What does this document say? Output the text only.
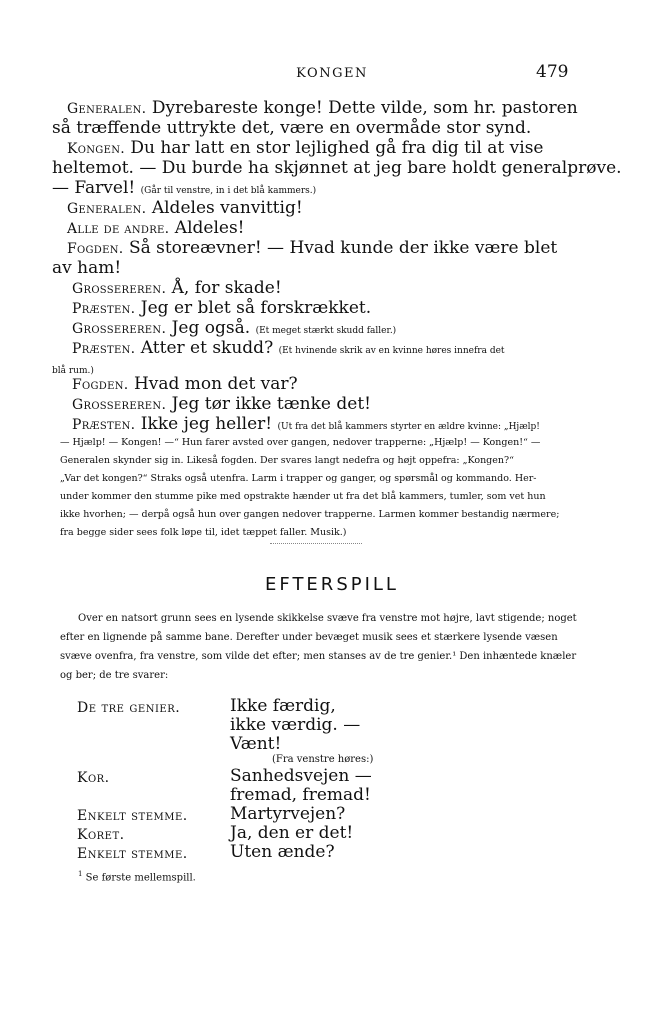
KONGEN	479
Generalen. Dyrebareste konge! Dette vilde, som hr. pastoren
så træffende uttrykte det, være en overmåde stor synd.
Kongen. Du har latt en stor lejlighed gå fra dig til at vise
heltemot. — Du burde ha skjønnet at jeg bare holdt generalprøve.
— Farvel! (Går til venstre, in i det blå kammers.)
Generalen. Aldeles vanvittig!
Alle de andre. Aldeles!
Fogden. Så storeævner! — Hvad kunde der ikke være blet
av ham!
Grossereren. Å, for skade!
Præsten. Jeg er blet så forskrækket.
Grossereren. Jeg også. (Et meget stærkt skudd faller.)
Præsten. Atter et skudd? (Et hvinende skrik av en kvinne høres innefra det
blå rum.)
Fogden. Hvad mon det var?
Grossereren. Jeg tør ikke tænke det!
Præsten. Ikke jeg heller! (Ut fra det blå kammers styrter en ældre kvinne: „Hjælp!
— Hjælp! — Kongen! —“ Hun farer avsted over gangen, nedover trapperne: „Hjælp! — Kongen!“ —
Generalen skynder sig in. Likeså fogden. Der svares langt nedefra og højt oppefra: „Kongen?“
„Var det kongen?“ Straks også utenfra. Larm i trapper og ganger, og spørsmål og kommando. Her-
under kommer den stumme pike med opstrakte hænder ut fra det blå kammers, tumler, som vet hun
ikke hvorhen; — derpå også hun over gangen nedover trapperne. Larmen kommer bestandig nærmere;
fra begge sider sees folk løpe til, idet tæppet faller. Musik.)
EFTERSPILL
Over en natsort grunn sees en lysende skikkelse svæve fra venstre mot højre, lavt stigende; noget
efter en lignende på samme bane. Derefter under bevæget musik sees et stærkere lysende væsen
svæve ovenfra, fra venstre, som vilde det efter; men stanses av de tre genier.¹ Den inhæntede knæler
og ber; de tre svarer:
De tre genier.	Ikke færdig,
ikke værdig. —
Vænt!
(Fra venstre høres:)
Kor.	Sanhedsvejen —
fremad, fremad!
Enkelt stemme. Martyrvejen?
Koret.	Ja, den er det!
Enkelt stemme. Uten ænde?
$^1$ Se første mellemspill.
